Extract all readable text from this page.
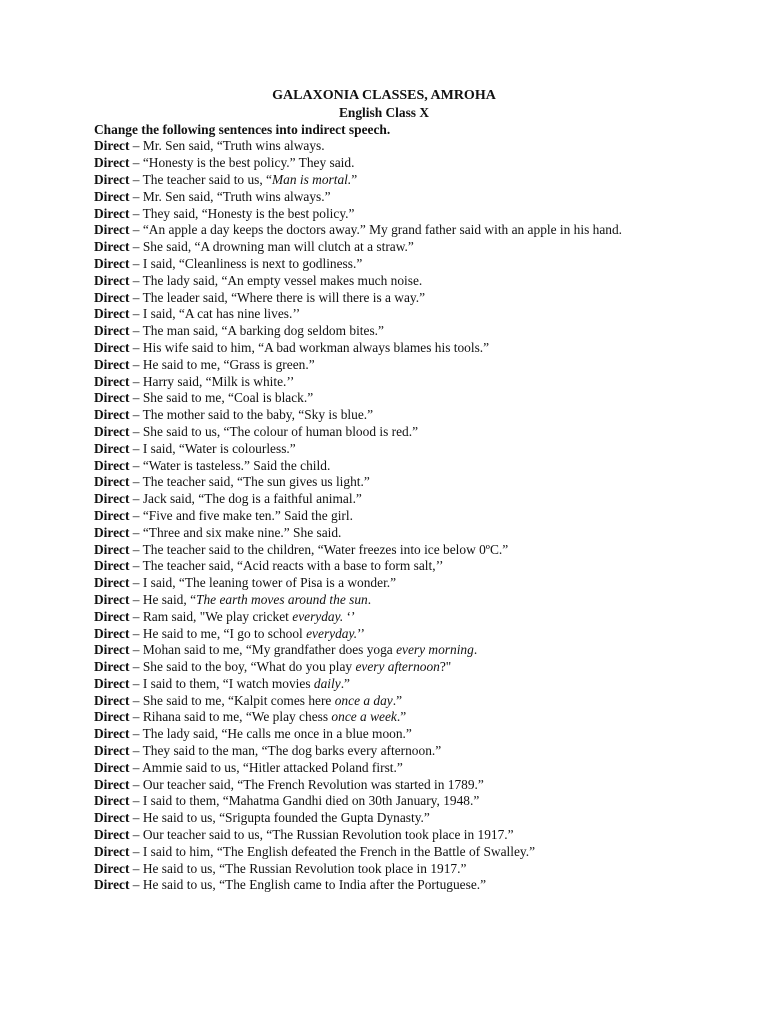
GALAXONIA CLASSES, AMROHA

English Class X

Change the following sentences into indirect speech.

Direct – Mr. Sen said, “Truth wins always.
Direct – “Honesty is the best policy.” They said.
Direct – The teacher said to us, “Man is mortal.”
Direct – Mr. Sen said, “Truth wins always.”
Direct – They said, “Honesty is the best policy.”
Direct – “An apple a day keeps the doctors away.” My grand father said with an apple in his hand.
Direct – She said, “A drowning man will clutch at a straw.”
Direct – I said, “Cleanliness is next to godliness.”
Direct – The lady said, “An empty vessel makes much noise.
Direct – The leader said, “Where there is will there is a way.”
Direct – I said, “A cat has nine lives.’’
Direct – The man said, “A barking dog seldom bites.”
Direct – His wife said to him, “A bad workman always blames his tools.”
Direct – He said to me, “Grass is green.”
Direct – Harry said, “Milk is white.’’
Direct – She said to me, “Coal is black.”
Direct – The mother said to the baby, “Sky is blue.”
Direct – She said to us, “The colour of human blood is red.”
Direct – I said, “Water is colourless.”
Direct – “Water is tasteless.” Said the child.
Direct – The teacher said, “The sun gives us light.”
Direct – Jack said, “The dog is a faithful animal.”
Direct – “Five and five make ten.” Said the girl.
Direct – “Three and six make nine.” She said.
Direct – The teacher said to the children, “Water freezes into ice below 0ºC.”
Direct – The teacher said, “Acid reacts with a base to form salt,’’
Direct – I said, “The leaning tower of Pisa is a wonder.”
Direct – He said, “The earth moves around the sun.
Direct – Ram said, "We play cricket everyday. ‘’
Direct – He said to me, “I go to school everyday.’’
Direct – Mohan said to me, “My grandfather does yoga every morning.
Direct – She said to the boy, “What do you play every afternoon?"
Direct – I said to them, “I watch movies daily.”
Direct – She said to me, “Kalpit comes here once a day.”
Direct – Rihana said to me, “We play chess once a week.”
Direct – The lady said, “He calls me once in a blue moon.”
Direct – They said to the man, “The dog barks every afternoon.”
Direct – Ammie said to us, “Hitler attacked Poland first.”
Direct – Our teacher said, “The French Revolution was started in 1789.”
Direct – I said to them, “Mahatma Gandhi died on 30th January, 1948.”
Direct – He said to us, “Srigupta founded the Gupta Dynasty.”
Direct – Our teacher said to us, “The Russian Revolution took place in 1917.”
Direct – I said to him, “The English defeated the French in the Battle of Swalley.”
Direct – He said to us, “The Russian Revolution took place in 1917.”
Direct – He said to us, “The English came to India after the Portuguese.”
